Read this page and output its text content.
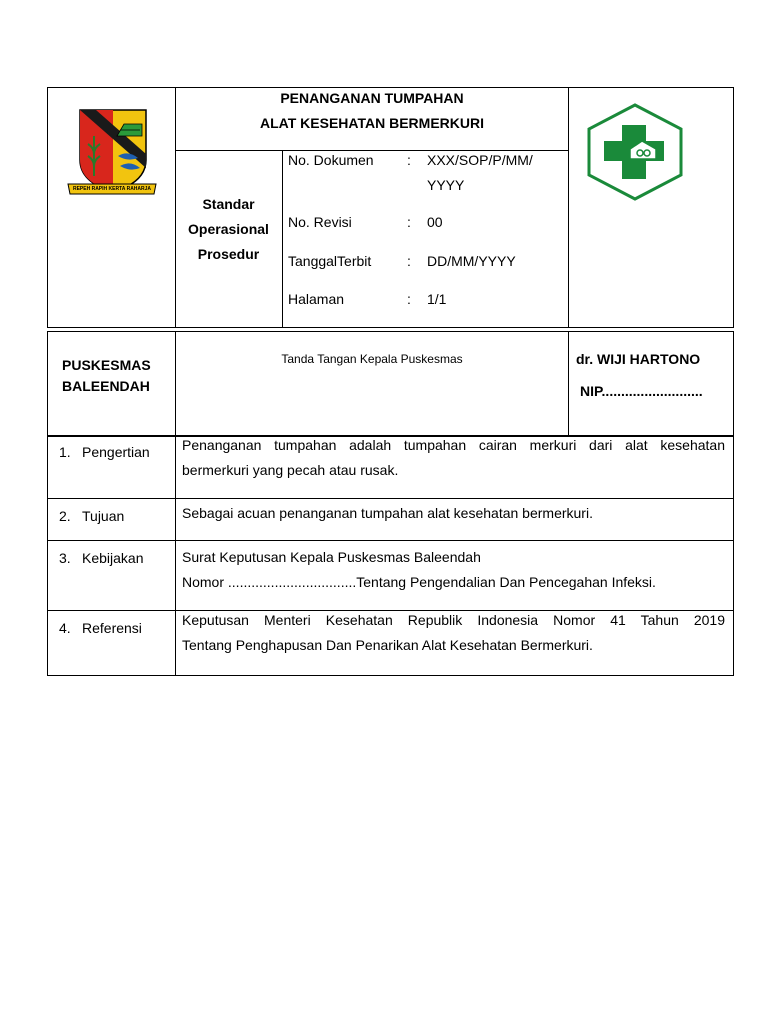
REPEH RAPIH KERTA RAHARJA
PENANGANAN TUMPAHAN
ALAT KESEHATAN BERMERKURI
Standar
Operasional
Prosedur
No. Dokumen : XXX/SOP/P/MM/
YYYY
No. Revisi	: 00
TanggalTerbit	: DD/MM/YYYY
Halaman	: 1/1
PUSKESMAS
BALEENDAH
Tanda Tangan Kepala Puskesmas	dr. WIJI HARTONO
NIP..........................
1. Pengertian Penanganan tumpahan adalah tumpahan cairan merkuri dari alat kesehatan
bermerkuri yang pecah atau rusak.
2. Tujuan	Sebagai acuan penanganan tumpahan alat kesehatan bermerkuri.
3. Kebijakan	Surat Keputusan Kepala Puskesmas Baleendah
Nomor .................................Tentang Pengendalian Dan Pencegahan Infeksi.
4. Referensi	Keputusan Menteri Kesehatan Republik Indonesia Nomor 41 Tahun 2019
Tentang Penghapusan Dan Penarikan Alat Kesehatan Bermerkuri.
